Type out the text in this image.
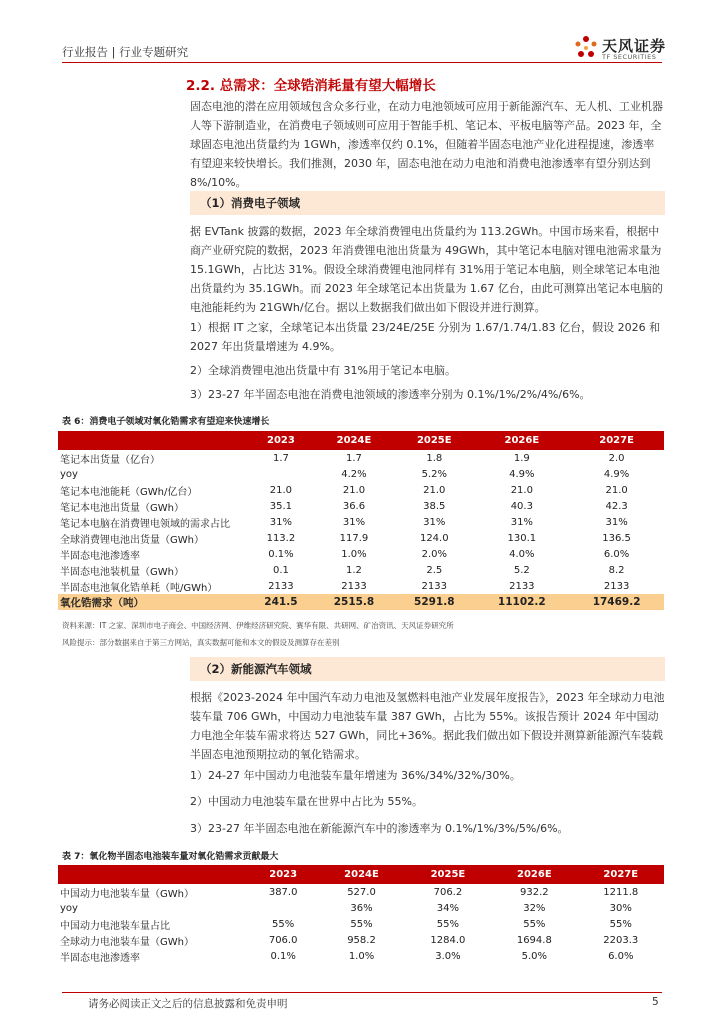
行业报告 | 行业专题研究	天风证券
TF SECURITIES
2.2. 总需求：全球锆消耗量有望大幅增长
固态电池的潜在应用领域包含众多行业，在动力电池领域可应用于新能源汽车、无人机、工业机器人等下游制造业，在消费电子领域则可应用于智能手机、笔记本、平板电脑等产品。2023 年，全球固态电池出货量约为 1GWh，渗透率仅约 0.1%，但随着半固态电池产业化进程提速，渗透率有望迎来较快增长。我们推测，2030 年，固态电池在动力电池和消费电池渗透率有望分别达到 8%/10%。
（1）消费电子领域
据 EVTank 披露的数据，2023 年全球消费锂电出货量约为 113.2GWh。中国市场来看，根据中商产业研究院的数据，2023 年消费锂电池出货量为 49GWh，其中笔记本电脑对锂电池需求量为 15.1GWh，占比达 31%。假设全球消费锂电池同样有 31%用于笔记本电脑，则全球笔记本电池出货量约为 35.1GWh。而 2023 年全球笔记本出货量为 1.67 亿台，由此可测算出笔记本电脑的电池能耗约为 21GWh/亿台。据以上数据我们做出如下假设并进行测算。
1）根据 IT 之家，全球笔记本出货量 23/24E/25E 分别为 1.67/1.74/1.83 亿台，假设 2026 和 2027 年出货量增速为 4.9%。
2）全球消费锂电池出货量中有 31%用于笔记本电脑。
3）23-27 年半固态电池在消费电池领域的渗透率分别为 0.1%/1%/2%/4%/6%。
表 6：消费电子领域对氧化锆需求有望迎来快速增长
	2023	2024E	2025E	2026E	2027E
笔记本出货量（亿台）	1.7	1.7	1.8	1.9	2.0
yoy		4.2%	5.2%	4.9%	4.9%
笔记本电池能耗（GWh/亿台）	21.0	21.0	21.0	21.0	21.0
笔记本电池出货量（GWh）	35.1	36.6	38.5	40.3	42.3
笔记本电脑在消费锂电领域的需求占比	31%	31%	31%	31%	31%
全球消费锂电池出货量（GWh）	113.2	117.9	124.0	130.1	136.5
半固态电池渗透率	0.1%	1.0%	2.0%	4.0%	6.0%
半固态电池装机量（GWh）	0.1	1.2	2.5	5.2	8.2
半固态电池氧化锆单耗（吨/GWh）	2133	2133	2133	2133	2133
氧化锆需求（吨）	241.5	2515.8	5291.8	11102.2	17469.2
资料来源：IT 之家、深圳市电子商会、中国经济网、伊维经济研究院、赛华有限、共研网、矿冶资讯、天风证券研究所
风险提示：部分数据来自于第三方网站，真实数据可能和本文的假设及测算存在差别
（2）新能源汽车领域
根据《2023-2024 年中国汽车动力电池及氢燃料电池产业发展年度报告》，2023 年全球动力电池装车量 706 GWh，中国动力电池装车量 387 GWh，占比为 55%。该报告预计 2024 年中国动力电池全年装车需求将达 527 GWh，同比+36%。据此我们做出如下假设并测算新能源汽车装载半固态电池预期拉动的氧化锆需求。
1）24-27 年中国动力电池装车量年增速为 36%/34%/32%/30%。
2）中国动力电池装车量在世界中占比为 55%。
3）23-27 年半固态电池在新能源汽车中的渗透率为 0.1%/1%/3%/5%/6%。
表 7：氧化物半固态电池装车量对氧化锆需求贡献最大
	2023	2024E	2025E	2026E	2027E
中国动力电池装车量（GWh）	387.0	527.0	706.2	932.2	1211.8
yoy		36%	34%	32%	30%
中国动力电池装车量占比	55%	55%	55%	55%	55%
全球动力电池装车量（GWh）	706.0	958.2	1284.0	1694.8	2203.3
半固态电池渗透率	0.1%	1.0%	3.0%	5.0%	6.0%
请务必阅读正文之后的信息披露和免责申明	5
